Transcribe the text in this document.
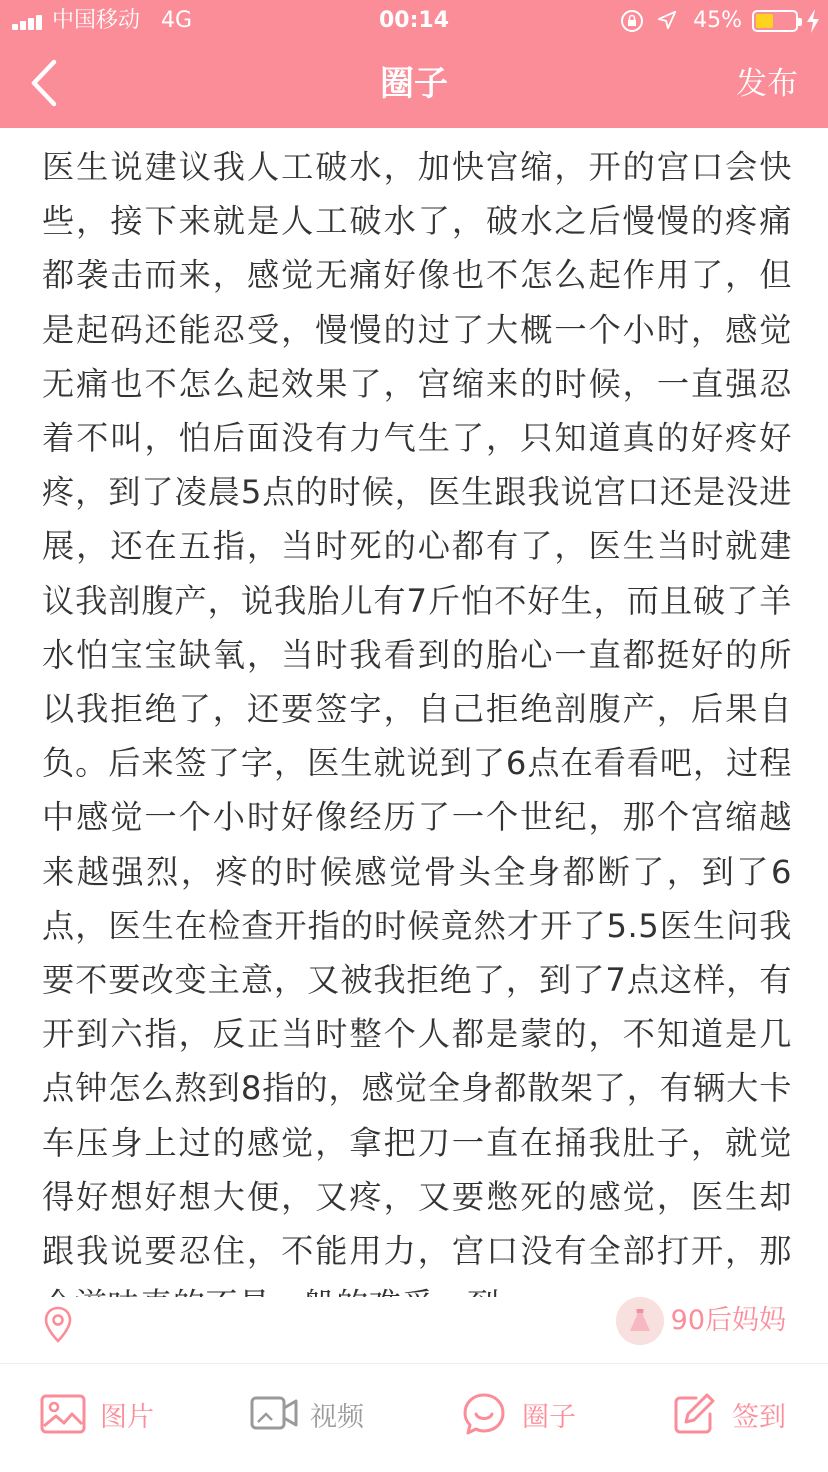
中国移动 4G	00:14	45%
圈子	发布

医生说建议我人工破水，加快宫缩，开的宫口会快些，接下来就是人工破水了，破水之后慢慢的疼痛都袭击而来，感觉无痛好像也不怎么起作用了，但是起码还能忍受，慢慢的过了大概一个小时，感觉无痛也不怎么起效果了，宫缩来的时候，一直强忍着不叫，怕后面没有力气生了，只知道真的好疼好疼，到了凌晨5点的时候，医生跟我说宫口还是没进展，还在五指，当时死的心都有了，医生当时就建议我剖腹产，说我胎儿有7斤怕不好生，而且破了羊水怕宝宝缺氧，当时我看到的胎心一直都挺好的所以我拒绝了，还要签字，自己拒绝剖腹产，后果自负。后来签了字，医生就说到了6点在看看吧，过程中感觉一个小时好像经历了一个世纪，那个宫缩越来越强烈，疼的时候感觉骨头全身都断了，到了6点，医生在检查开指的时候竟然才开了5.5医生问我要不要改变主意，又被我拒绝了，到了7点这样，有开到六指，反正当时整个人都是蒙的，不知道是几点钟怎么熬到8指的，感觉全身都散架了，有辆大卡车压身上过的感觉，拿把刀一直在捅我肚子，就觉得好想好想大便，又疼，又要憋死的感觉，医生却跟我说要忍住，不能用力，宫口没有全部打开，那

90后妈妈
图片	视频	圈子	签到
